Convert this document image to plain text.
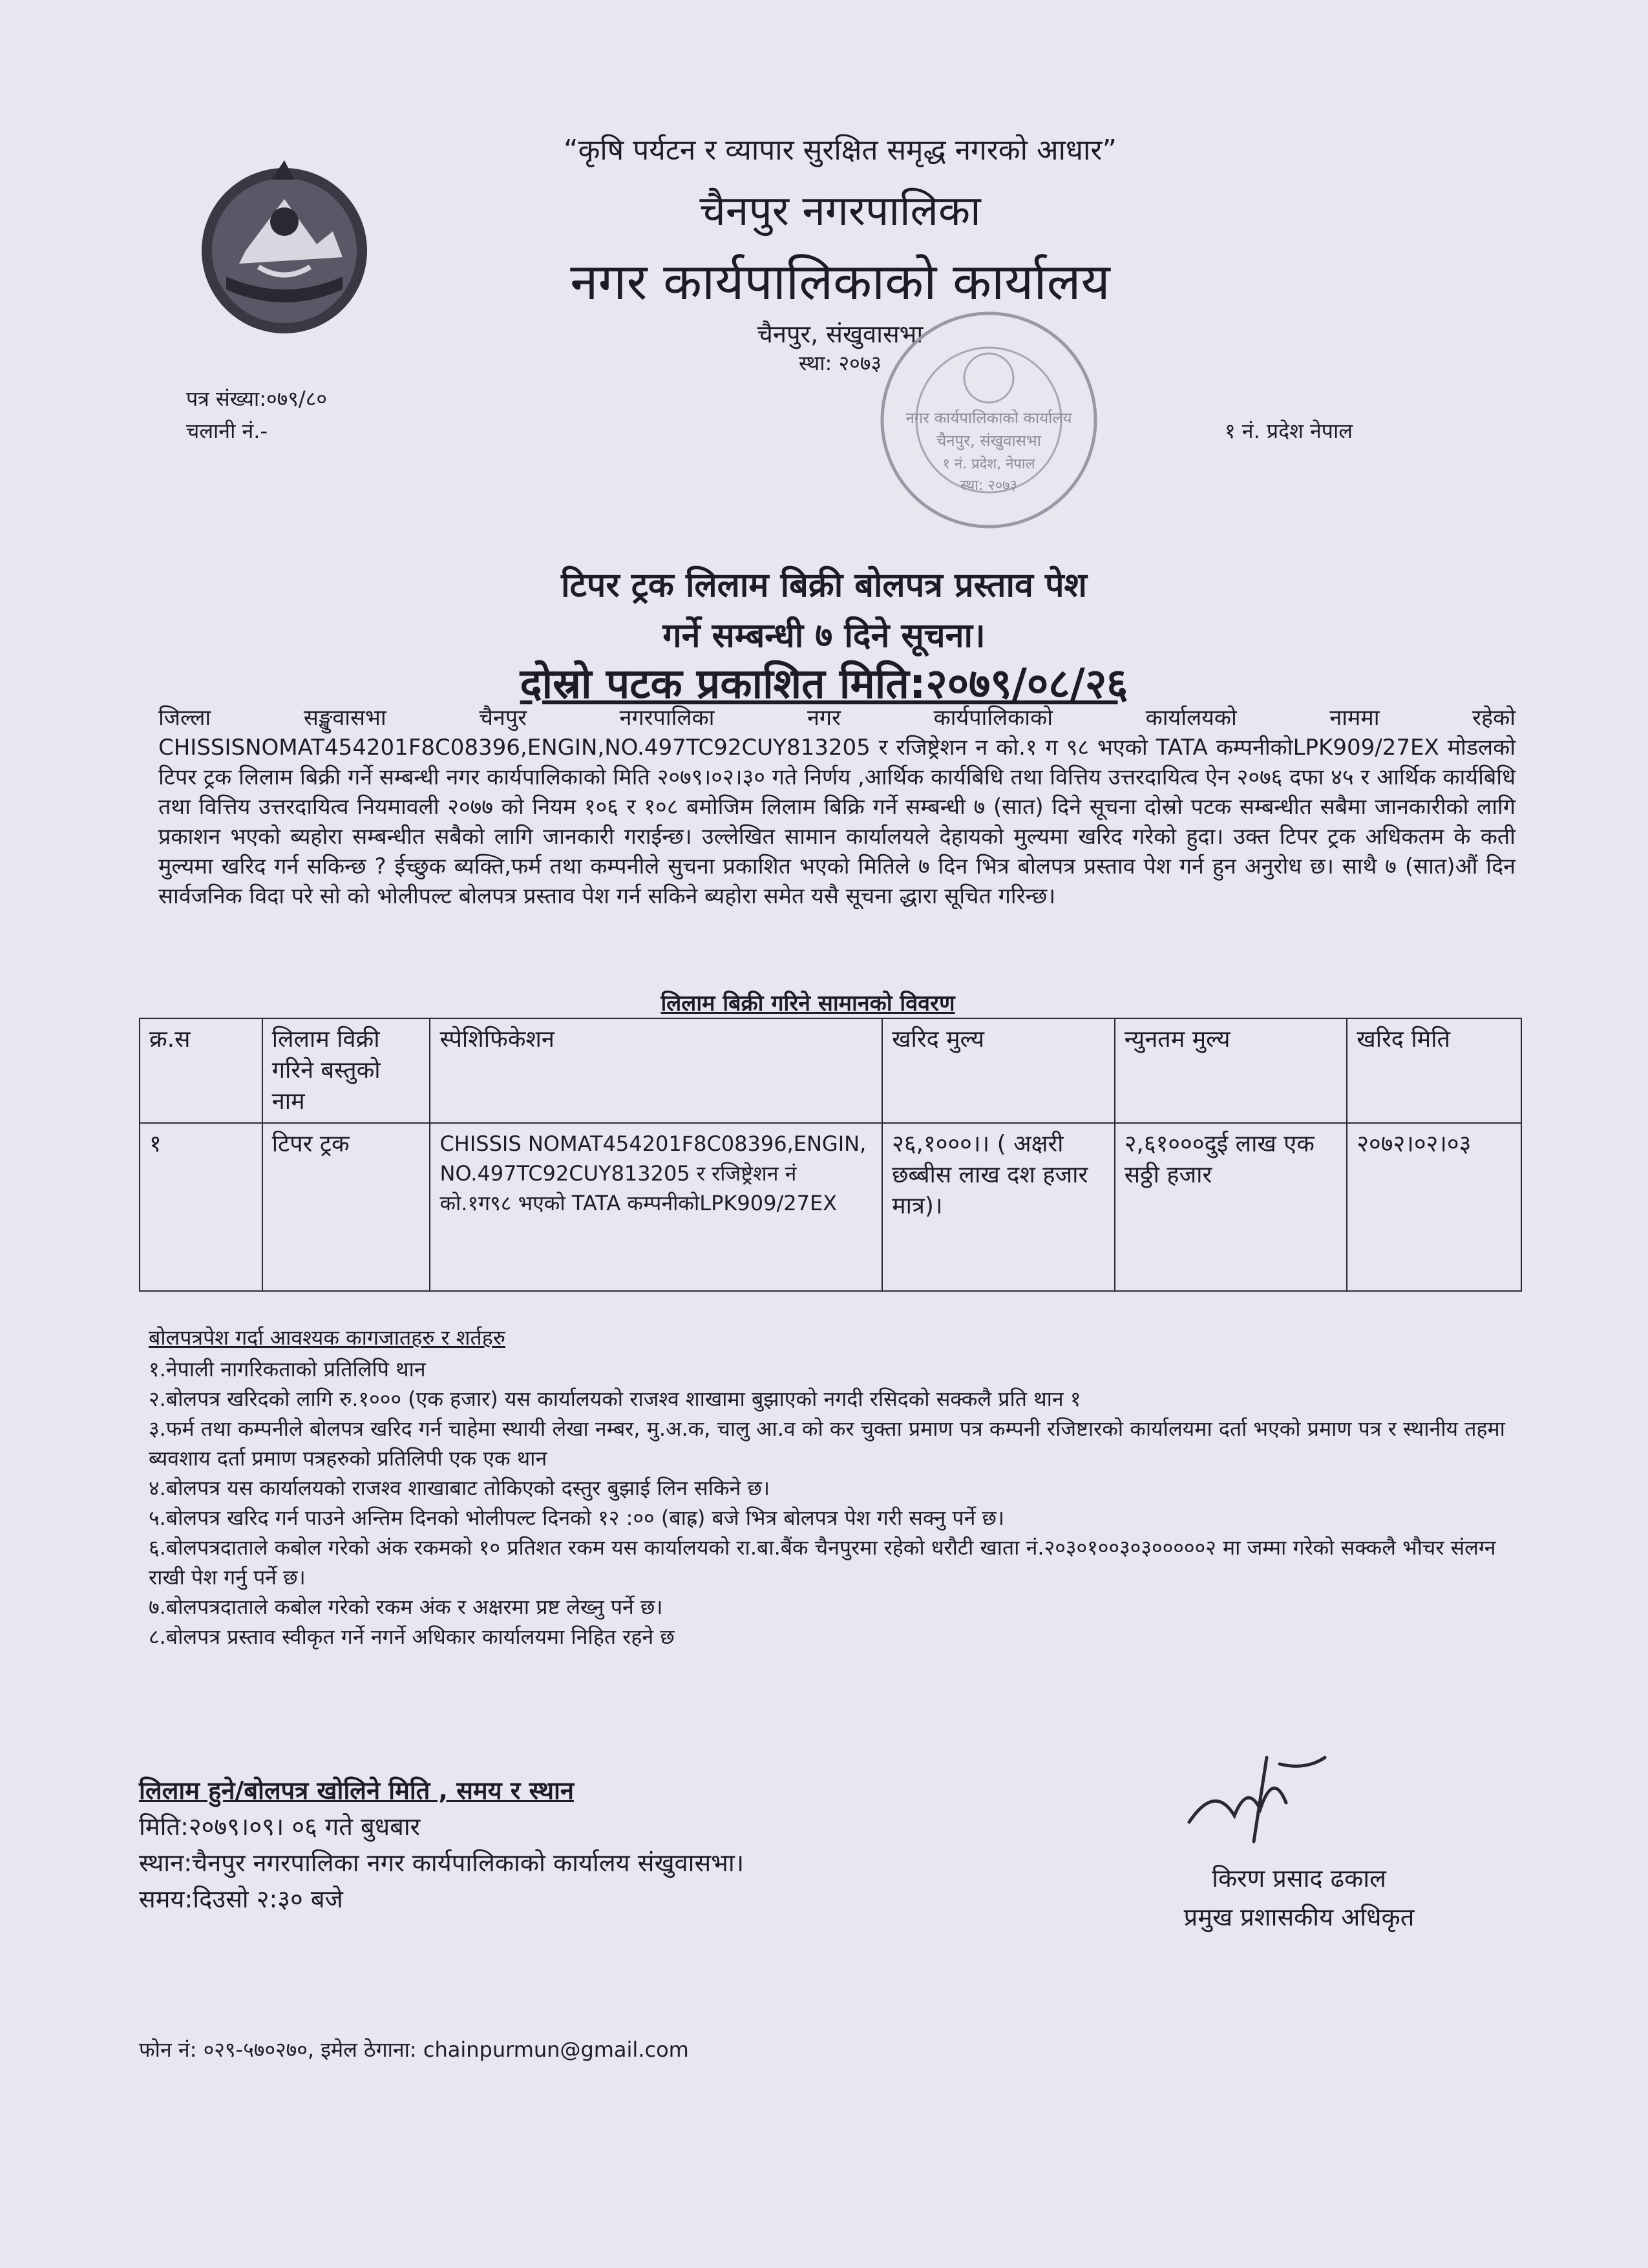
“कृषि पर्यटन र व्यापार सुरक्षित समृद्ध नगरको आधार”
चैनपुर नगरपालिका
नगर कार्यपालिकाको कार्यालय
चैनपुर, संखुवासभा
स्था: २०७३
पत्र संख्या:०७९/८०
चलानी नं.-	१ नं. प्रदेश नेपाल
नगर कार्यपालिकाको कार्यालय
चैनपुर, संखुवासभा
१ नं. प्रदेश, नेपाल
स्था: २०७३
टिपर ट्रक लिलाम बिक्री बोलपत्र प्रस्ताव पेश
गर्ने सम्बन्धी ७ दिने सूचना।
दोस्रो पटक प्रकाशित मिति:२०७९/०८/२६
जिल्ला सङ्खुवासभा चैनपुर नगरपालिका नगर कार्यपालिकाको कार्यालयको नाममा रहेको CHISSISNOMAT454201F8C08396,ENGIN,NO.497TC92CUY813205 र रजिष्ट्रेशन न को.१ ग ९८ भएको TATA कम्पनीकोLPK909/27EX मोडलको टिपर ट्रक लिलाम बिक्री गर्ने सम्बन्धी नगर कार्यपालिकाको मिति २०७९।०२।३० गते निर्णय ,आर्थिक कार्यबिधि तथा वित्तिय उत्तरदायित्व ऐन २०७६ दफा ४५ र आर्थिक कार्यबिधि तथा वित्तिय उत्तरदायित्व नियमावली २०७७ को नियम १०६ र १०८ बमोजिम लिलाम बिक्रि गर्ने सम्बन्धी ७ (सात) दिने सूचना दोस्रो पटक सम्बन्धीत सबैमा जानकारीको लागि प्रकाशन भएको ब्यहोरा सम्बन्धीत सबैको लागि जानकारी गराईन्छ। उल्लेखित सामान कार्यालयले देहायको मुल्यमा खरिद गरेको हुदा। उक्त टिपर ट्रक अधिकतम के कती मुल्यमा खरिद गर्न सकिन्छ ? ईच्छुक ब्यक्ति,फर्म तथा कम्पनीले सुचना प्रकाशित भएको मितिले ७ दिन भित्र बोलपत्र प्रस्ताव पेश गर्न हुन अनुरोध छ। साथै ७ (सात)औं दिन सार्वजनिक विदा परे सो को भोलीपल्ट बोलपत्र प्रस्ताव पेश गर्न सकिने ब्यहोरा समेत यसै सूचना द्धारा सूचित गरिन्छ।
लिलाम बिक्री गरिने सामानको विवरण
क्र.स	लिलाम विक्री गरिने बस्तुको नाम	स्पेशिफिकेशन	खरिद मुल्य	न्युनतम मुल्य	खरिद मिति
१	टिपर ट्रक	CHISSIS NOMAT454201F8C08396,ENGIN, NO.497TC92CUY813205 र रजिष्ट्रेशन नं को.१ग९८ भएको TATA कम्पनीकोLPK909/27EX	२६,१०००।। ( अक्षरी छब्बीस लाख दश हजार मात्र)।	२,६१०००दुई लाख एक सठ्ठी हजार	२०७२।०२।०३
बोलपत्रपेश गर्दा आवश्यक कागजातहरु र शर्तहरु
१.नेपाली नागरिकताको प्रतिलिपि थान
२.बोलपत्र खरिदको लागि रु.१००० (एक हजार) यस कार्यालयको राजश्व शाखामा बुझाएको नगदी रसिदको सक्कलै प्रति थान १
३.फर्म तथा कम्पनीले बोलपत्र खरिद गर्न चाहेमा स्थायी लेखा नम्बर, मु.अ.क, चालु आ.व को कर चुक्ता प्रमाण पत्र कम्पनी रजिष्टारको कार्यालयमा दर्ता भएको प्रमाण पत्र र स्थानीय तहमा ब्यवशाय दर्ता प्रमाण पत्रहरुको प्रतिलिपी एक एक थान
४.बोलपत्र यस कार्यालयको राजश्व शाखाबाट तोकिएको दस्तुर बुझाई लिन सकिने छ।
५.बोलपत्र खरिद गर्न पाउने अन्तिम दिनको भोलीपल्ट दिनको १२ :०० (बाह्र) बजे भित्र बोलपत्र पेश गरी सक्नु पर्ने छ।
६.बोलपत्रदाताले कबोल गरेको अंक रकमको १० प्रतिशत रकम यस कार्यालयको रा.बा.बैंक चैनपुरमा रहेको धरौटी खाता नं.२०३०१००३०३०००००२ मा जम्मा गरेको सक्कलै भौचर संलग्न राखी पेश गर्नु पर्ने छ।
७.बोलपत्रदाताले कबोल गरेको रकम अंक र अक्षरमा प्रष्ट लेख्नु पर्ने छ।
८.बोलपत्र प्रस्ताव स्वीकृत गर्ने नगर्ने अधिकार कार्यालयमा निहित रहने छ
लिलाम हुने/बोलपत्र खोलिने मिति , समय र स्थान
मिति:२०७९।०९। ०६ गते बुधबार
स्थान:चैनपुर नगरपालिका नगर कार्यपालिकाको कार्यालय संखुवासभा।
समय:दिउसो २:३० बजे
किरण प्रसाद ढकाल
प्रमुख प्रशासकीय अधिकृत
फोन नं: ०२९-५७०२७०, इमेल ठेगाना: chainpurmun@gmail.com
